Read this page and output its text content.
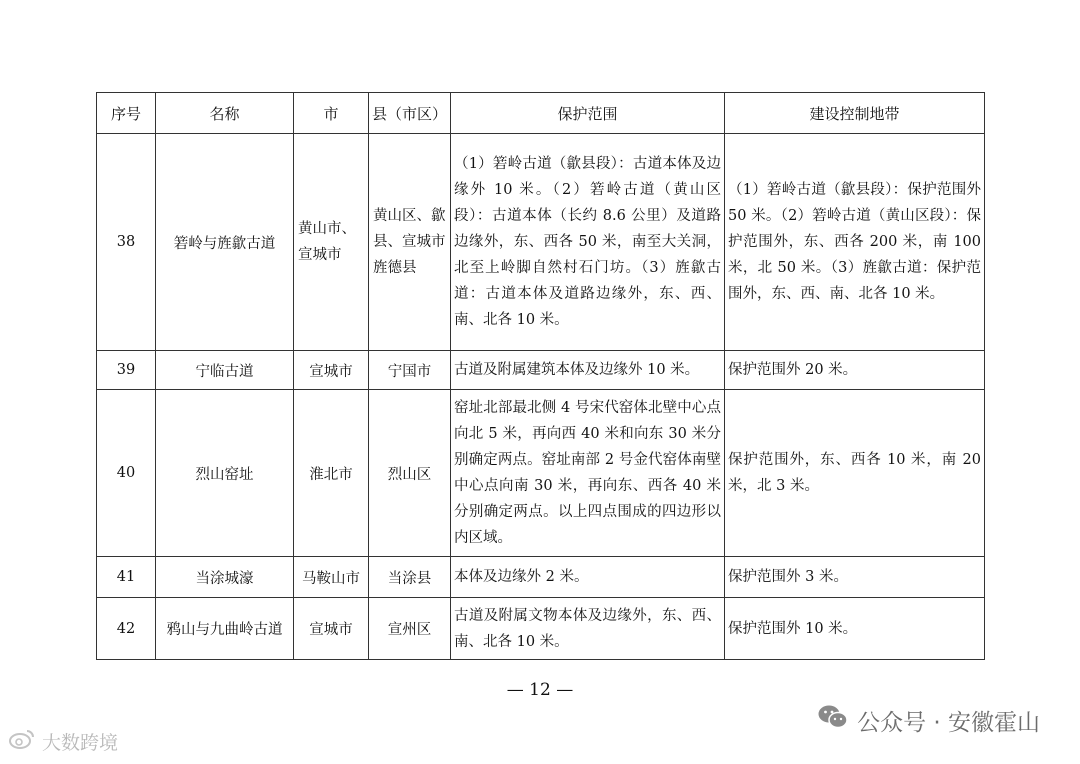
序号	名称	市	县（市区）	保护范围	建设控制地带
38	箬岭与旌歙古道	黄山市、宣城市	黄山区、歙县、宣城市旌德县	（1）箬岭古道（歙县段）：古道本体及边缘外 10 米。（2）箬岭古道（黄山区段）：古道本体（长约 8.6 公里）及道路边缘外，东、西各 50 米，南至大关洞，北至上岭脚自然村石门坊。（3）旌歙古道：古道本体及道路边缘外，东、西、南、北各 10 米。	（1）箬岭古道（歙县段）：保护范围外 50 米。（2）箬岭古道（黄山区段）：保护范围外，东、西各 200 米，南 100 米，北 50 米。（3）旌歙古道：保护范围外，东、西、南、北各 10 米。
39	宁临古道	宣城市	宁国市	古道及附属建筑本体及边缘外 10 米。	保护范围外 20 米。
40	烈山窑址	淮北市	烈山区	窑址北部最北侧 4 号宋代窑体北壁中心点向北 5 米，再向西 40 米和向东 30 米分别确定两点。窑址南部 2 号金代窑体南壁中心点向南 30 米，再向东、西各 40 米分别确定两点。以上四点围成的四边形以内区域。	保护范围外，东、西各 10 米，南 20 米，北 3 米。
41	当涂城濠	马鞍山市	当涂县	本体及边缘外 2 米。	保护范围外 3 米。
42	鸦山与九曲岭古道	宣城市	宣州区	古道及附属文物本体及边缘外，东、西、南、北各 10 米。	保护范围外 10 米。
— 12 —
公众号 · 安徽霍山
大数跨境
